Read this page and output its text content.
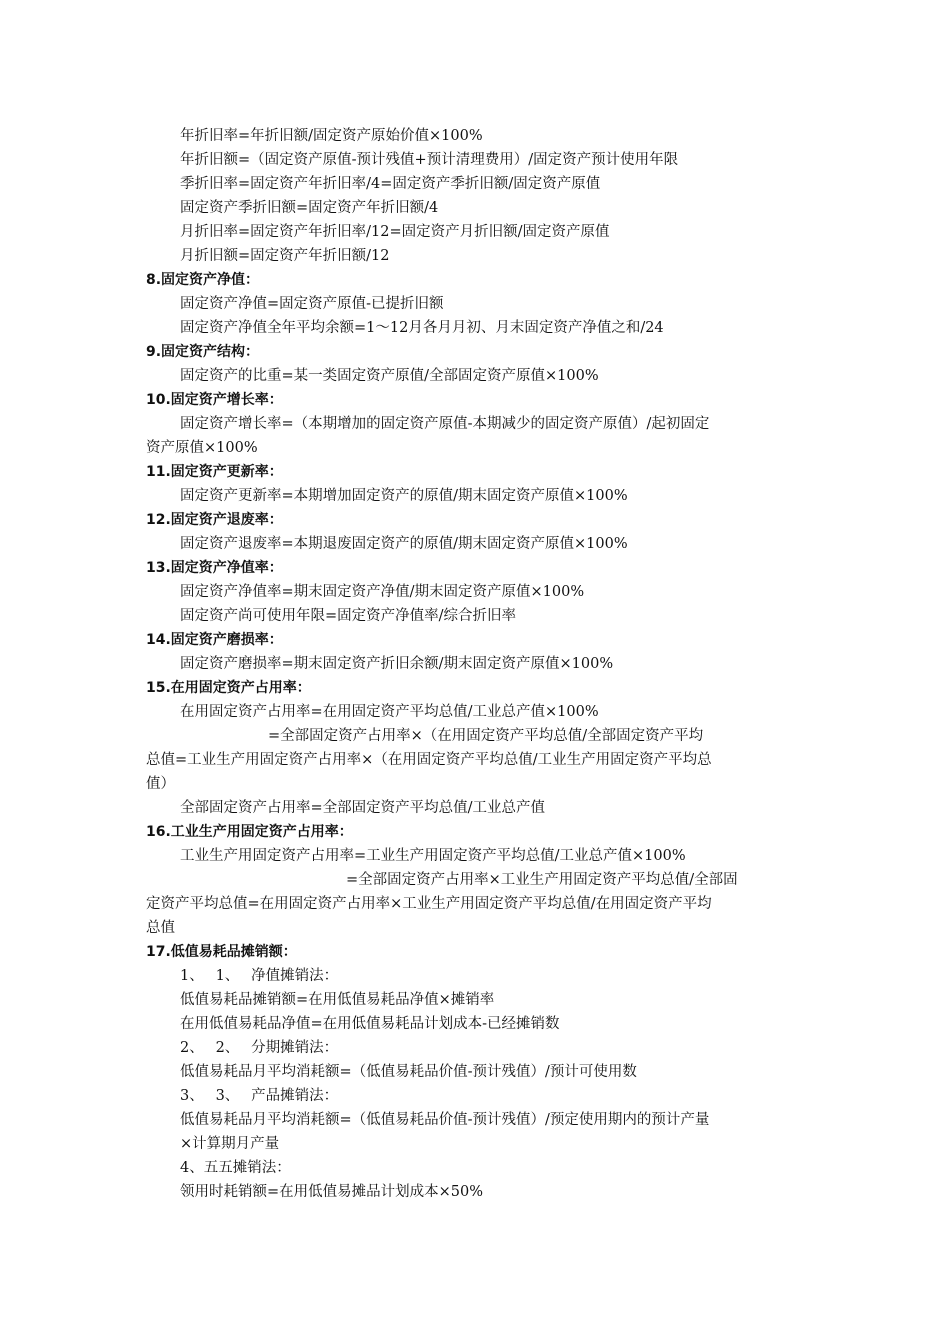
年折旧率=年折旧额/固定资产原始价值×100%
年折旧额=（固定资产原值-预计残值+预计清理费用）/固定资产预计使用年限
季折旧率=固定资产年折旧率/4=固定资产季折旧额/固定资产原值
固定资产季折旧额=固定资产年折旧额/4
月折旧率=固定资产年折旧率/12=固定资产月折旧额/固定资产原值
月折旧额=固定资产年折旧额/12
8.固定资产净值：
固定资产净值=固定资产原值-已提折旧额
固定资产净值全年平均余额=1～12月各月月初、月末固定资产净值之和/24
9.固定资产结构：
固定资产的比重=某一类固定资产原值/全部固定资产原值×100%
10.固定资产增长率：
固定资产增长率=（本期增加的固定资产原值-本期减少的固定资产原值）/起初固定
资产原值×100%
11.固定资产更新率：
固定资产更新率=本期增加固定资产的原值/期末固定资产原值×100%
12.固定资产退废率：
固定资产退废率=本期退废固定资产的原值/期末固定资产原值×100%
13.固定资产净值率：
固定资产净值率=期末固定资产净值/期末固定资产原值×100%
固定资产尚可使用年限=固定资产净值率/综合折旧率
14.固定资产磨损率：
固定资产磨损率=期末固定资产折旧余额/期末固定资产原值×100%
15.在用固定资产占用率：
在用固定资产占用率=在用固定资产平均总值/工业总产值×100%
=全部固定资产占用率×（在用固定资产平均总值/全部固定资产平均
总值=工业生产用固定资产占用率×（在用固定资产平均总值/工业生产用固定资产平均总
值）
全部固定资产占用率=全部固定资产平均总值/工业总产值
16.工业生产用固定资产占用率：
工业生产用固定资产占用率=工业生产用固定资产平均总值/工业总产值×100%
=全部固定资产占用率×工业生产用固定资产平均总值/全部固
定资产平均总值=在用固定资产占用率×工业生产用固定资产平均总值/在用固定资产平均
总值
17.低值易耗品摊销额：
1、　 1、　 净值摊销法：
低值易耗品摊销额=在用低值易耗品净值×摊销率
在用低值易耗品净值=在用低值易耗品计划成本-已经摊销数
2、　 2、　 分期摊销法：
低值易耗品月平均消耗额=（低值易耗品价值-预计残值）/预计可使用数
3、　 3、　 产品摊销法：
低值易耗品月平均消耗额=（低值易耗品价值-预计残值）/预定使用期内的预计产量
×计算期月产量
4、五五摊销法：
领用时耗销额=在用低值易摊品计划成本×50%
